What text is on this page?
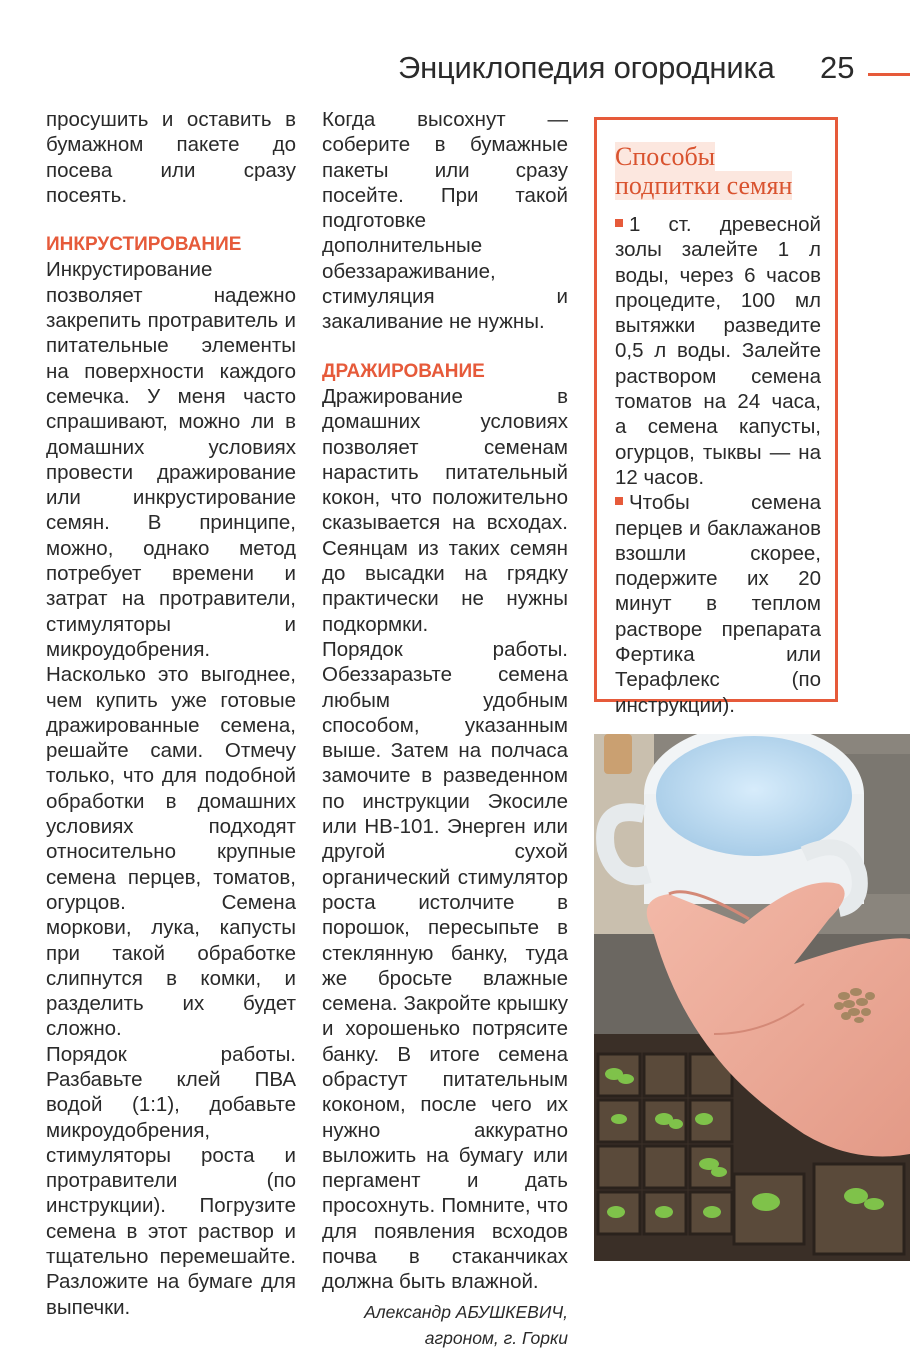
Энциклопедия огородника 25

просушить и оставить в бумажном пакете до посева или сразу посеять.

ИНКРУСТИРОВАНИЕ

Инкрустирование позволяет надежно закрепить протравитель и питательные элементы на поверхности каждого семечка. У меня часто спрашивают, можно ли в домашних условиях провести дражирование или инкрустирование семян. В принципе, можно, однако метод потребует времени и затрат на протравители, стимуляторы и микроудобрения. Насколько это выгоднее, чем купить уже готовые дражированные семена, решайте сами. Отмечу только, что для подобной обработки в домашних условиях подходят относительно крупные семена перцев, томатов, огурцов. Семена моркови, лука, капусты при такой обработке слипнутся в комки, и разделить их будет сложно.

Порядок работы. Разбавьте клей ПВА водой (1:1), добавьте микроудобрения, стимуляторы роста и протравители (по инструкции). Погрузите семена в этот раствор и тщательно перемешайте. Разложите на бумаге для выпечки.

Когда высохнут — соберите в бумажные пакеты или сразу посейте. При такой подготовке дополнительные обеззараживание, стимуляция и закаливание не нужны.

ДРАЖИРОВАНИЕ

Дражирование в домашних условиях позволяет семенам нарастить питательный кокон, что положительно сказывается на всходах. Сеянцам из таких семян до высадки на грядку практически не нужны подкормки.

Порядок работы. Обеззаразьте семена любым удобным способом, указанным выше. Затем на полчаса замочите в разведенном по инструкции Экосиле или НВ-101. Энерген или другой сухой органический стимулятор роста истолчите в порошок, пересыпьте в стеклянную банку, туда же бросьте влажные семена. Закройте крышку и хорошенько потрясите банку. В итоге семена обрастут питательным коконом, после чего их нужно аккуратно выложить на бумагу или пергамент и дать просохнуть. Помните, что для появления всходов почва в стаканчиках должна быть влажной.

Александр АБУШКЕВИЧ,
агроном, г. Горки

Способы
подпитки семян

1 ст. древесной золы залейте 1 л воды, через 6 часов процедите, 100 мл вытяжки разведите 0,5 л воды. Залейте раствором семена томатов на 24 часа, а семена капусты, огурцов, тыквы — на 12 часов.

Чтобы семена перцев и баклажанов взошли скорее, подержите их 20 минут в теплом растворе препарата Фертика или Терафлекс (по инструкции).
